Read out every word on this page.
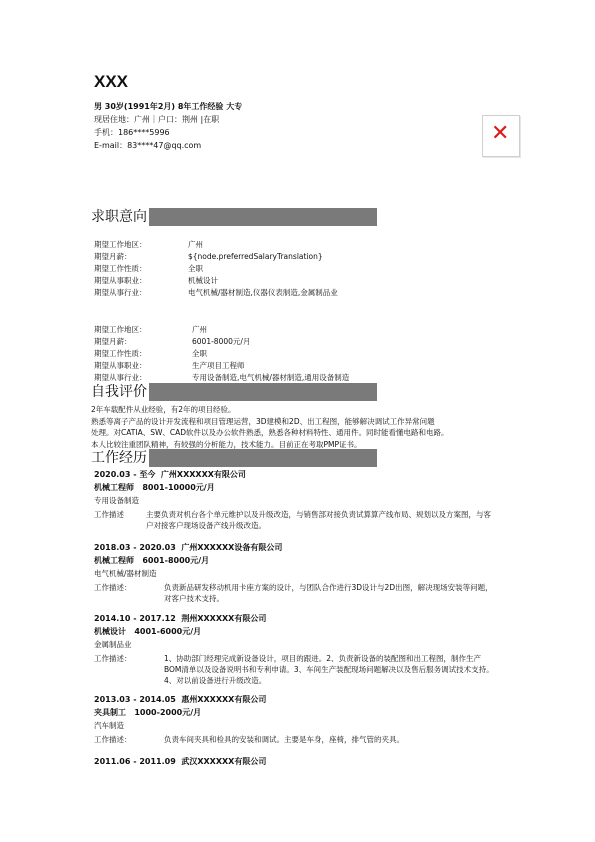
XXX
男 30岁(1991年2月) 8年工作经验 大专
现居住地：广州｜户口：荆州 |在职
手机：186****5996
E-mail：83****47@qq.com	✕
求职意向
期望工作地区：	广州
期望月薪：	${node.preferredSalaryTranslation}
期望工作性质：	全职
期望从事职业：	机械设计
期望从事行业：	电气机械/器材制造,仪器仪表制造,金属制品业
期望工作地区：	广州
期望月薪：	6001-8000元/月
期望工作性质：	全职
期望从事职业：	生产项目工程师
期望从事行业：	专用设备制造,电气机械/器材制造,通用设备制造
自我评价
2年车载配件从业经验，有2年的项目经验。
熟悉等离子产品的设计开发流程和项目管理运营，3D建模和2D、出工程图，能够解决调试工作异常问题
处理。对CATIA、SW、CAD软件以及办公软件熟悉，熟悉各种材料特性、通用件。同时能看懂电路和电路。
本人比较注重团队精神，有较强的分析能力，技术能力。目前正在考取PMP证书。
工作经历
2020.03 - 至今 广州XXXXXX有限公司
机械工程师 8001-10000元/月
专用设备制造
工作描述	主要负责对机台各个单元维护以及升级改造，与销售部对接负责试算算产线布局、规划以及方案图，与客户对接客户现场设备产线升级改造。
2018.03 - 2020.03 广州XXXXXX设备有限公司
机械工程师 6001-8000元/月
电气机械/器材制造
工作描述：	负责新品研发移动机用卡座方案的设计，与团队合作进行3D设计与2D出图，解决现场安装等问题，对客户技术支持。
2014.10 - 2017.12 荆州XXXXXX有限公司
机械设计 4001-6000元/月
金属制品业
工作描述：	1、协助部门经理完成新设备设计，项目的跟进。2、负责新设备的装配图和出工程图，制作生产BOM清单以及设备说明书和专利申请。3、车间生产装配现场问题解决以及售后服务调试技术支持。4、对以前设备进行升级改造。
2013.03 - 2014.05 惠州XXXXXX有限公司
夹具制工 1000-2000元/月
汽车制造
工作描述：	负责车间夹具和检具的安装和调试。主要是车身，座椅，排气管的夹具。
2011.06 - 2011.09 武汉XXXXXX有限公司
